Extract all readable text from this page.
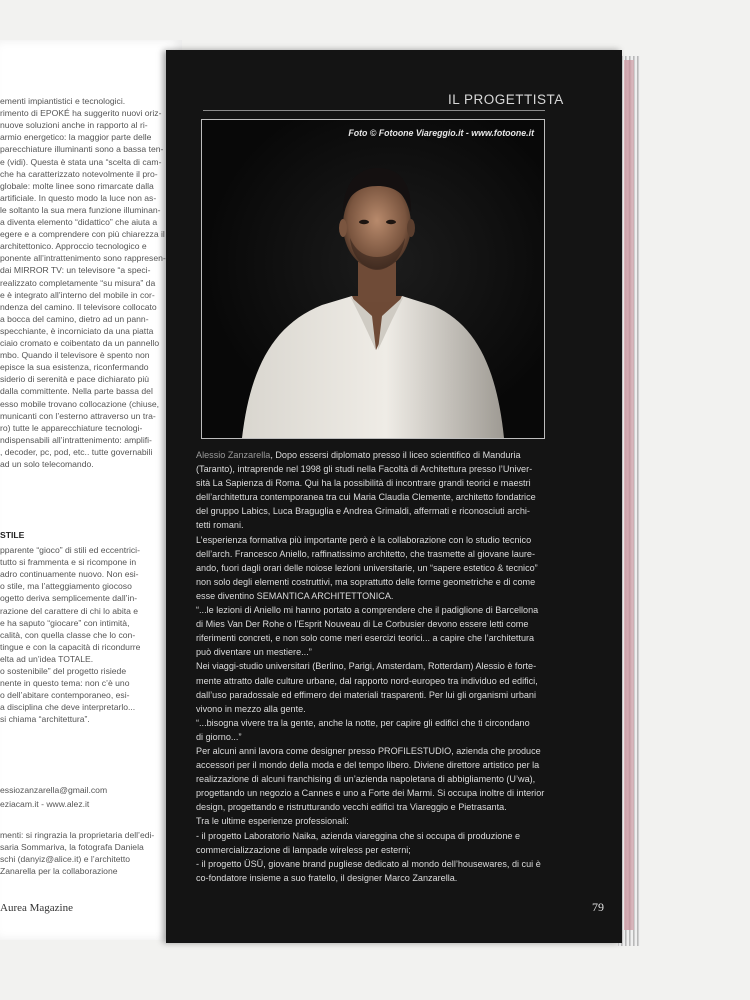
ementi impiantistici e tecnologici.
rimento di EPOKÉ ha suggerito nuovi oriz-
nuove soluzioni anche in rapporto al ri-
armio energetico: la maggior parte delle
parecchiature illuminanti sono a bassa ten-
e (vidi). Questa è stata una “scelta di cam-
che ha caratterizzato notevolmente il pro-
globale: molte linee sono rimarcate dalla
artificiale. In questo modo la luce non as-
le soltanto la sua mera funzione illuminan-
a diventa elemento “didattico” che aiuta a
egere e a comprendere con più chiarezza il
architettonico. Approccio tecnologico e
ponente all’intrattenimento sono rappresen-
dai MIRROR TV: un televisore “a speci-
realizzato completamente “su misura” da
e è integrato all’interno del mobile in cor-
ndenza del camino. Il televisore collocato
a bocca del camino, dietro ad un pann-
specchiante, è incorniciato da una piatta
ciaio cromato e coibentato da un pannello
mbo. Quando il televisore è spento non
episce la sua esistenza, riconfermando
siderio di serenità e pace dichiarato più
dalla committente. Nella parte bassa del
esso mobile trovano collocazione (chiuse,
municanti con l’esterno attraverso un tra-
ro) tutte le apparecchiature tecnologi-
ndispensabili all’intrattenimento: amplifi-
, decoder, pc, pod, etc.. tutte governabili
ad un solo telecomando.
STILE
pparente “gioco” di stili ed eccentrici-
tutto si frammenta e si ricompone in
adro continuamente nuovo. Non esi-
o stile, ma l’atteggiamento giocoso
ogetto deriva semplicemente dall’in-
razione del carattere di chi lo abita e
e ha saputo “giocare” con intimità,
calità, con quella classe che lo con-
tingue e con la capacità di ricondurre
elta ad un’idea TOTALE.
o sostenibile” del progetto risiede
nente in questo tema: non c’è uno
o dell’abitare contemporaneo, esi-
a disciplina che deve interpretarlo...
si chiama “architettura”.
essiozanzarella@gmail.com
eziacam.it - www.alez.it
menti: si ringrazia la proprietaria dell’edi-
saria Sommariva, la fotografa Daniela
schi (danyiz@alice.it) e l’architetto
Zanarella per la collaborazione
Aurea Magazine
IL PROGETTISTA
Foto © Fotoone Viareggio.it - www.fotoone.it
Alessio Zanzarella, Dopo essersi diplomato presso il liceo scientifico di Manduria
(Taranto), intraprende nel 1998 gli studi nella Facoltà di Architettura presso l’Univer-
sità La Sapienza di Roma. Qui ha la possibilità di incontrare grandi teorici e maestri
dell’architettura contemporanea tra cui Maria Claudia Clemente, architetto fondatrice
del gruppo Labics, Luca Braguglia e Andrea Grimaldi, affermati e riconosciuti archi-
tetti romani.
L’esperienza formativa più importante però è la collaborazione con lo studio tecnico
dell’arch. Francesco Aniello, raffinatissimo architetto, che trasmette al giovane laure-
ando, fuori dagli orari delle noiose lezioni universitarie, un “sapere estetico & tecnico”
non solo degli elementi costruttivi, ma soprattutto delle forme geometriche e di come
esse diventino SEMANTICA ARCHITETTONICA.
“...le lezioni di Aniello mi hanno portato a comprendere che il padiglione di Barcellona
di Mies Van Der Rohe o l’Esprit Nouveau di Le Corbusier devono essere letti come
riferimenti concreti, e non solo come meri esercizi teorici... a capire che l’architettura
può diventare un mestiere...”
Nei viaggi-studio universitari (Berlino, Parigi, Amsterdam, Rotterdam) Alessio è forte-
mente attratto dalle culture urbane, dal rapporto nord-europeo tra individuo ed edifici,
dall’uso paradossale ed effimero dei materiali trasparenti. Per lui gli organismi urbani
vivono in mezzo alla gente.
“...bisogna vivere tra la gente, anche la notte, per capire gli edifici che ti circondano
di giorno...”
Per alcuni anni lavora come designer presso PROFILESTUDIO, azienda che produce
accessori per il mondo della moda e del tempo libero. Diviene direttore artistico per la
realizzazione di alcuni franchising di un’azienda napoletana di abbigliamento (U’wa),
progettando un negozio a Cannes e uno a Forte dei Marmi. Si occupa inoltre di interior
design, progettando e ristrutturando vecchi edifici tra Viareggio e Pietrasanta.
Tra le ultime esperienze professionali:
- il progetto Laboratorio Naika, azienda viareggina che si occupa di produzione e
commercializzazione di lampade wireless per esterni;
- il progetto ÜSÜ, giovane brand pugliese dedicato al mondo dell’housewares, di cui è
co-fondatore insieme a suo fratello, il designer Marco Zanzarella.
79
